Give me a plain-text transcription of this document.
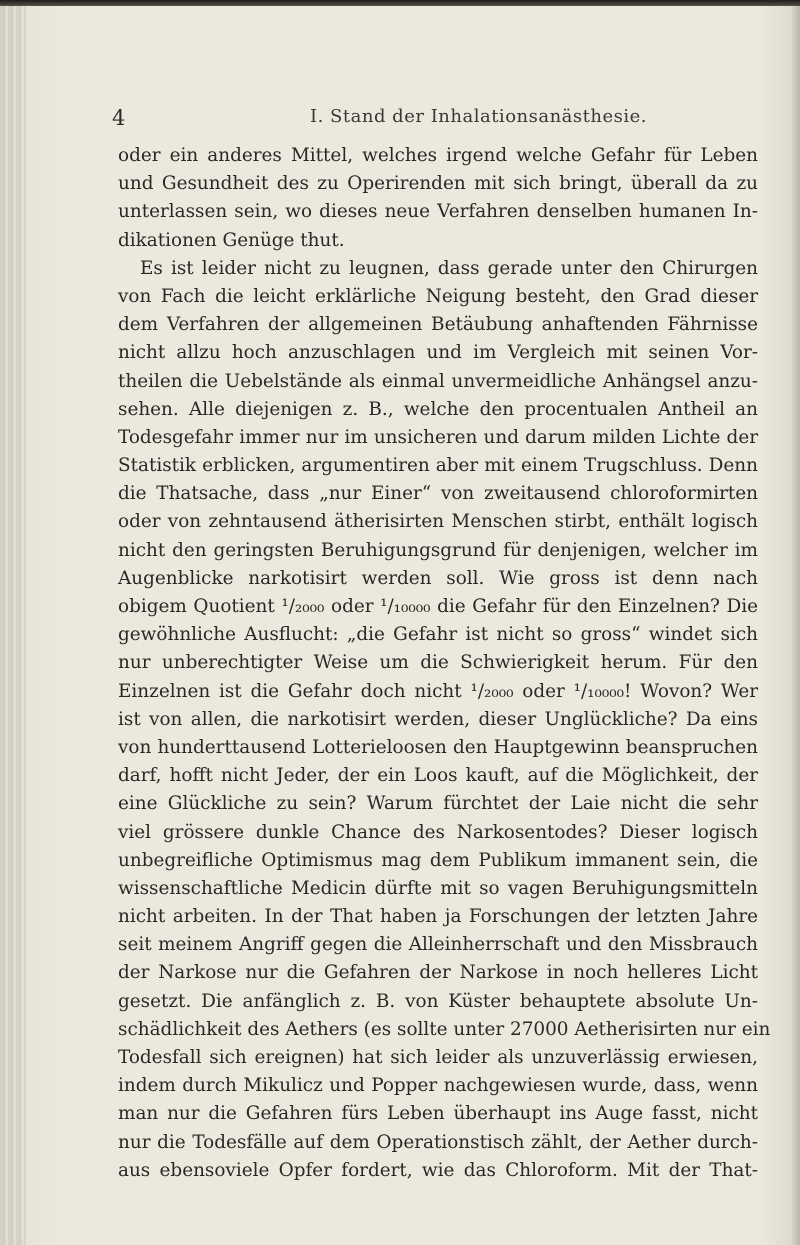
4	I. Stand der Inhalationsanästhesie.
oder ein anderes Mittel, welches irgend welche Gefahr für Leben
und Gesundheit des zu Operirenden mit sich bringt, überall da zu
unterlassen sein, wo dieses neue Verfahren denselben humanen In-
dikationen Genüge thut.
Es ist leider nicht zu leugnen, dass gerade unter den Chirurgen
von Fach die leicht erklärliche Neigung besteht, den Grad dieser
dem Verfahren der allgemeinen Betäubung anhaftenden Fährnisse
nicht allzu hoch anzuschlagen und im Vergleich mit seinen Vor-
theilen die Uebelstände als einmal unvermeidliche Anhängsel anzu-
sehen. Alle diejenigen z. B., welche den procentualen Antheil an
Todesgefahr immer nur im unsicheren und darum milden Lichte der
Statistik erblicken, argumentiren aber mit einem Trugschluss. Denn
die Thatsache, dass „nur Einer“ von zweitausend chloroformirten
oder von zehntausend ätherisirten Menschen stirbt, enthält logisch
nicht den geringsten Beruhigungsgrund für denjenigen, welcher im
Augenblicke narkotisirt werden soll. Wie gross ist denn nach
obigem Quotient ¹/₂₀₀₀ oder ¹/₁₀₀₀₀ die Gefahr für den Einzelnen? Die
gewöhnliche Ausflucht: „die Gefahr ist nicht so gross“ windet sich
nur unberechtigter Weise um die Schwierigkeit herum. Für den
Einzelnen ist die Gefahr doch nicht ¹/₂₀₀₀ oder ¹/₁₀₀₀₀! Wovon? Wer
ist von allen, die narkotisirt werden, dieser Unglückliche? Da eins
von hunderttausend Lotterieloosen den Hauptgewinn beanspruchen
darf, hofft nicht Jeder, der ein Loos kauft, auf die Möglichkeit, der
eine Glückliche zu sein? Warum fürchtet der Laie nicht die sehr
viel grössere dunkle Chance des Narkosentodes? Dieser logisch
unbegreifliche Optimismus mag dem Publikum immanent sein, die
wissenschaftliche Medicin dürfte mit so vagen Beruhigungsmitteln
nicht arbeiten. In der That haben ja Forschungen der letzten Jahre
seit meinem Angriff gegen die Alleinherrschaft und den Missbrauch
der Narkose nur die Gefahren der Narkose in noch helleres Licht
gesetzt. Die anfänglich z. B. von Küster behauptete absolute Un-
schädlichkeit des Aethers (es sollte unter 27000 Aetherisirten nur ein
Todesfall sich ereignen) hat sich leider als unzuverlässig erwiesen,
indem durch Mikulicz und Popper nachgewiesen wurde, dass, wenn
man nur die Gefahren fürs Leben überhaupt ins Auge fasst, nicht
nur die Todesfälle auf dem Operationstisch zählt, der Aether durch-
aus ebensoviele Opfer fordert, wie das Chloroform. Mit der That-
